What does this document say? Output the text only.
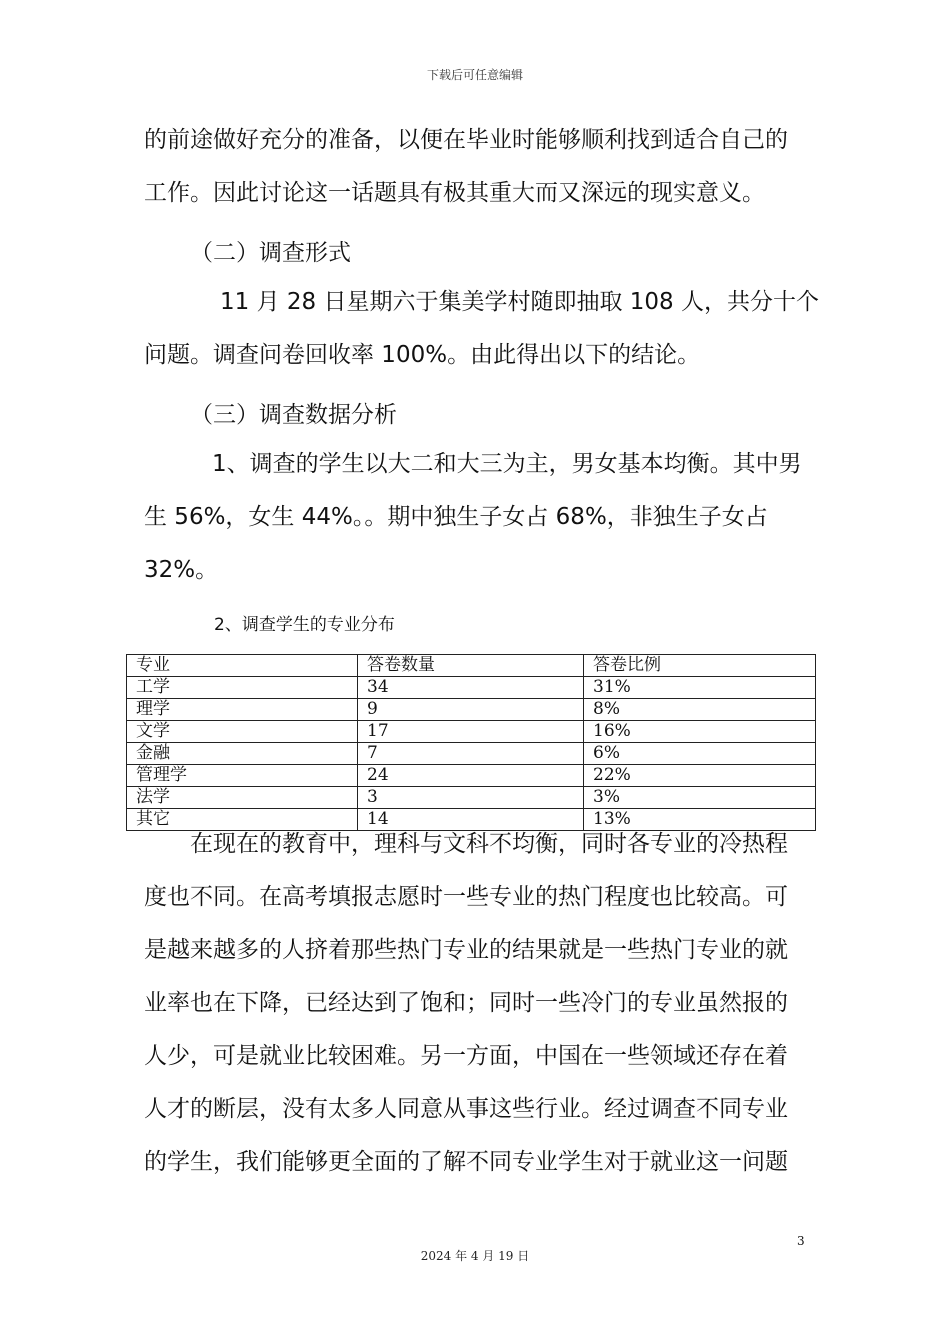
下载后可任意编辑
的前途做好充分的准备，以便在毕业时能够顺利找到适合自己的
工作。因此讨论这一话题具有极其重大而又深远的现实意义。
（二）调查形式
11 月 28 日星期六于集美学村随即抽取 108 人，共分十个
问题。调查问卷回收率 100%。由此得出以下的结论。
（三）调查数据分析
1、调查的学生以大二和大三为主，男女基本均衡。其中男
生 56%，女生 44%。。期中独生子女占 68%，非独生子女占
32%。
2、调查学生的专业分布
专业	答卷数量	答卷比例
工学	34	31%
理学	9	8%
文学	17	16%
金融	7	6%
管理学	24	22%
法学	3	3%
其它	14	13%
在现在的教育中，理科与文科不均衡，同时各专业的冷热程
度也不同。在高考填报志愿时一些专业的热门程度也比较高。可
是越来越多的人挤着那些热门专业的结果就是一些热门专业的就
业率也在下降，已经达到了饱和；同时一些冷门的专业虽然报的
人少，可是就业比较困难。另一方面，中国在一些领域还存在着
人才的断层，没有太多人同意从事这些行业。经过调查不同专业
的学生，我们能够更全面的了解不同专业学生对于就业这一问题
3
2024 年 4 月 19 日
